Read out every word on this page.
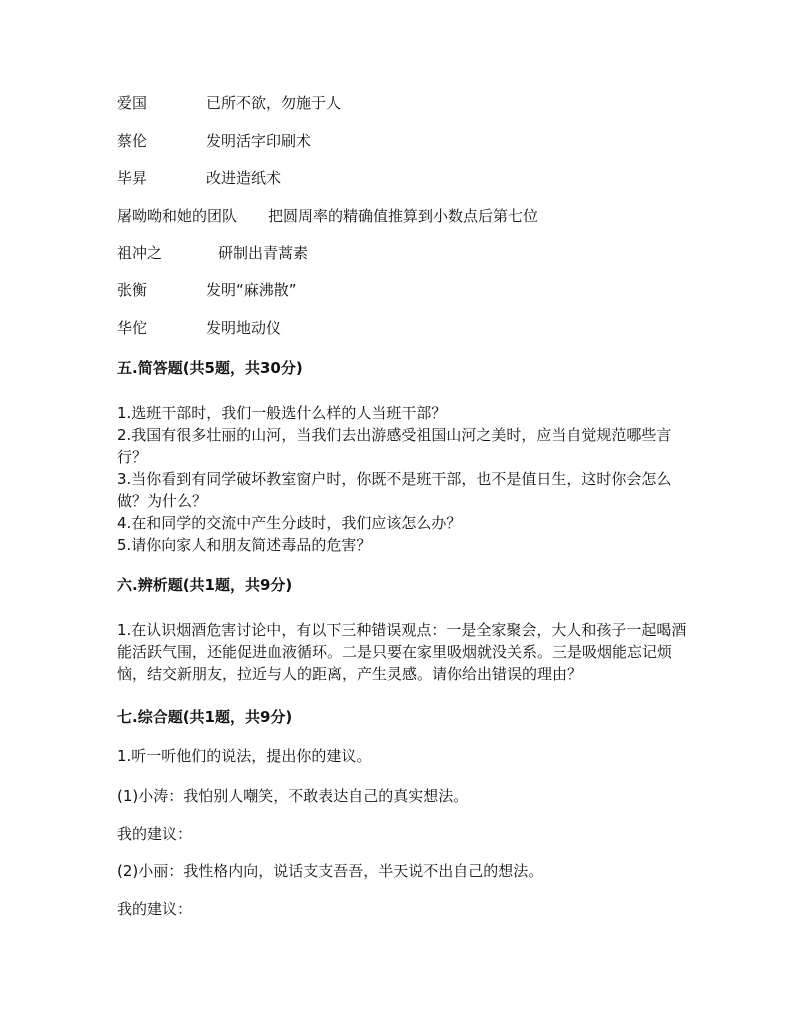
爱国	已所不欲，勿施于人
蔡伦	发明活字印刷术
毕昇	改进造纸术
屠呦呦和她的团队 把圆周率的精确值推算到小数点后第七位
祖冲之	研制出青蒿素
张衡	发明“麻沸散”
华佗	发明地动仪
五.简答题(共5题，共30分)

1.选班干部时，我们一般选什么样的人当班干部？

2.我国有很多壮丽的山河，当我们去出游感受祖国山河之美时，应当自觉规范哪些言行？

3.当你看到有同学破坏教室窗户时，你既不是班干部，也不是值日生，这时你会怎么做？为什么？

4.在和同学的交流中产生分歧时，我们应该怎么办？

5.请你向家人和朋友简述毒品的危害？

六.辨析题(共1题，共9分)
1.在认识烟酒危害讨论中，有以下三种错误观点：一是全家聚会，大人和孩子一起喝酒能活跃气围，还能促进血液循环。二是只要在家里吸烟就没关系。三是吸烟能忘记烦恼，结交新朋友，拉近与人的距离，产生灵感。请你给出错误的理由？
七.综合题(共1题，共9分)
1.听一听他们的说法，提出你的建议。
(1)小涛：我怕别人嘲笑，不敢表达自己的真实想法。
我的建议：
(2)小丽：我性格内向，说话支支吾吾，半天说不出自己的想法。
我的建议：
